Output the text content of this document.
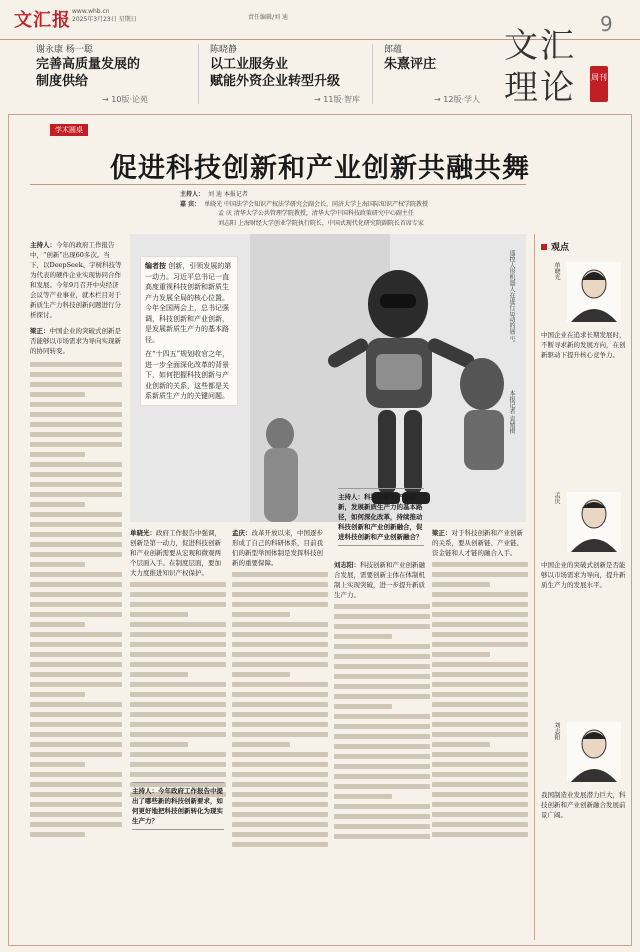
文汇报 www.whb.cn
2025年3月23日 星期日	责任编辑/刘 迪	9
谢永康 杨一聪
完善高质量发展的
制度供给
→ 10版·论苑
陈晓静
以工业服务业
赋能外资企业转型升级
→ 11版·智库
郎蕴
朱熹评庄
→ 12版·学人
文汇
理论 周刊
学术圆桌
促进科技创新和产业创新共融共舞
主持人： 刘 迪 本报记者
嘉 宾： 单晓光 中国法学会知识产权法学研究会副会长，同济大学上海国际知识产权学院教授
孟 庆 清华大学公共管理学院教授，清华大学中国科技政策研究中心副主任
刘志阳 上海财经大学创业学院执行院长，中国式现代化研究院副院长首席专家
主持人：今年的政府工作报告中，“创新”出现60多次。当下，以DeepSeek、宇树科技等为代表的硬件企业实现协同合作和发展。今年9月召开中央经济会议等产业事业，就本栏目对于新质生产力科技创新问题进行分析探讨。
梁正：中国企业的突破式创新是否能够以市场需求为导向实现新的协同转变。
编者按 创新，引领发展的第一动力。习近平总书记一直高度重视科技创新和新质生产力发展全局的核心位置。今年全国两会上，总书记强调，科技创新和产业创新，是发展新质生产力的基本路径。
在“十四五”规划收官之年，进一步全面深化改革的背景下，如何把握科技创新与产业创新的关系，这些都是关系新质生产力的关键问题。
遥控人形机器人在进行运动的展示。
本报记者 袁婧摄
单晓光：政府工作报告中强调，创新是第一动力，促进科技创新和产业创新需要从宏观和微观两个层面入手。在制度层面，要加大力度推进知识产权保护。
孟庆：改革开放以来，中国逐步形成了自己的科研体系，目前我们的新型举国体制是发挥科技创新的重要保障。	刘志阳：科技创新和产业创新融合发展，需要创新主体在体制机制上实现突破，进一步提升新质生产力。
梁正：对于科技创新和产业创新的关系，要从创新链、产业链、资金链和人才链的融合入手。
主持人：科技创新和产业创新，发展新质生产力的基本路径，如何深化改革，持续推动科技创新和产业创新融合，促进科技创新和产业创新融合？
主持人：今年政府工作报告中提出了哪些新的科技创新要求，如何更好地把科技创新转化为现实生产力？
观点
单晓光
中国企业在追求长期发展时，不断寻求新的发展方向，在创新驱动下提升核心竞争力。
孟庆
中国企业的突破式创新是否能够以市场需求为导向，提升新质生产力的发展水平。
刘志阳
我国制造业发展潜力巨大，科技创新和产业创新融合发展前景广阔。
